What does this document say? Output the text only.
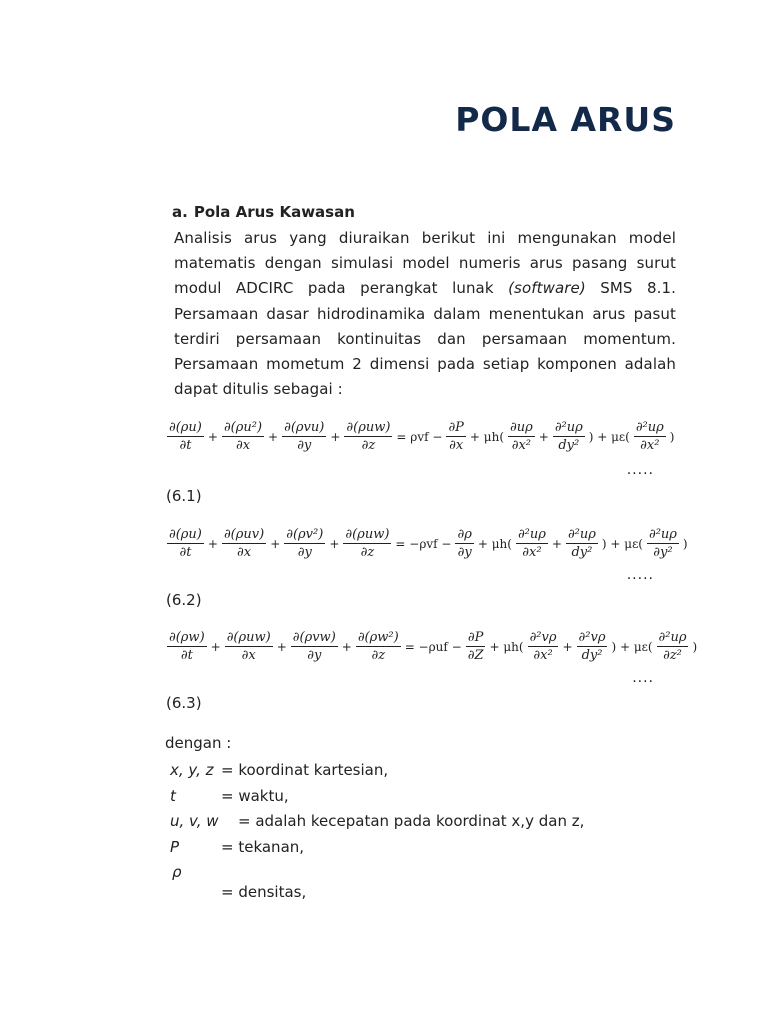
POLA ARUS
a. Pola Arus Kawasan
Analisis arus yang diuraikan berikut ini mengunakan model matematis dengan simulasi model numeris arus pasang surut modul ADCIRC pada perangkat lunak (software) SMS 8.1. Persamaan dasar hidrodinamika dalam menentukan arus pasut terdiri persamaan kontinuitas dan persamaan momentum. Persamaan mometum 2 dimensi pada setiap komponen adalah dapat ditulis sebagai :
$\frac{\partial(\rho u)}{\partial t} + \frac{\text{∂(ρu²)}}{\partial x} + \frac{\text{∂(ρvu)}}{\partial y} + \frac{\text{∂(ρuw)}}{\partial z} = \rho vf - \frac{\partial P}{\partial x} + \mu h( \frac{\partial u\rho}{\text{∂x²}} + \frac{\text{∂²uρ}}{\text{dy²}}$ ) + $\mu\varepsilon( \frac{\text{∂²uρ}}{\text{∂x²}}$ )
.....
(6.1)
$\frac{\partial(\rho u)}{\partial t} + \frac{\text{∂(ρuv)}}{\partial x} + \frac{\text{∂(ρv²)}}{\partial y} + \frac{\text{∂(ρuw)}}{\partial z} = -\rho vf - \frac{\partial\rho}{\partial y} + \mu h( \frac{\text{∂²uρ}}{\text{∂x²}} + \frac{\text{∂²uρ}}{\text{dy²}}$ ) + $\mu\varepsilon( \frac{\text{∂²uρ}}{\text{∂y²}}$ )
.....
(6.2)
$\frac{\partial(\rho w)}{\partial t} + \frac{\text{∂(ρuw)}}{\partial x} + \frac{\text{∂(ρvw)}}{\partial y} + \frac{\text{∂(ρw²)}}{\partial z} = -\rho uf - \frac{\partial P}{\partial Z} + \mu h( \frac{\text{∂²vρ}}{\text{∂x²}} + \frac{\text{∂²vρ}}{\text{dy²}}$ ) + $\mu\varepsilon( \frac{\text{∂²uρ}}{\text{∂z²}}$ )
....
(6.3)
dengan :
x, y, z = koordinat kartesian,
t	= waktu,
u, v, w = adalah kecepatan pada koordinat x,y dan z,
P	= tekanan,
ρ
= densitas,
